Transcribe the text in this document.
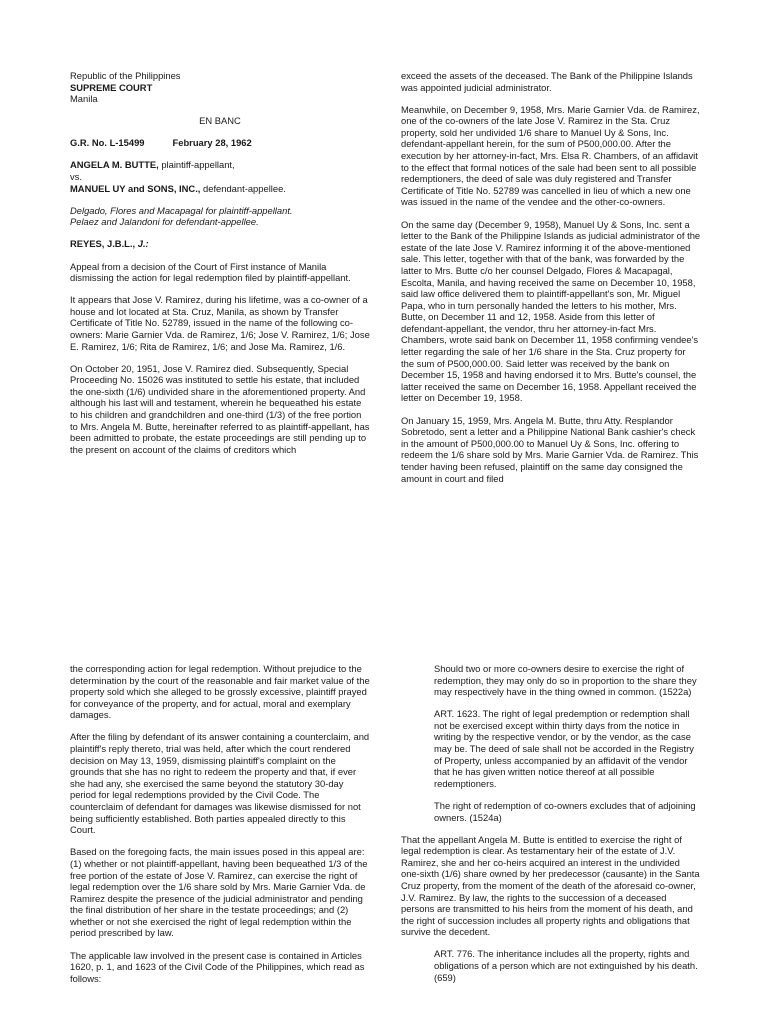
Republic of the Philippines
SUPREME COURT
Manila
EN BANC

G.R. No. L-15499	February 28, 1962

ANGELA M. BUTTE, plaintiff-appellant,
vs.

MANUEL UY and SONS, INC., defendant-appellee.

Delgado, Flores and Macapagal for plaintiff-appellant.
Pelaez and Jalandoni for defendant-appellee.

REYES, J.B.L., J.:

Appeal from a decision of the Court of First instance of Manila dismissing the action for legal redemption filed by plaintiff-appellant.

It appears that Jose V. Ramirez, during his lifetime, was a co-owner of a house and lot located at Sta. Cruz, Manila, as shown by Transfer Certificate of Title No. 52789, issued in the name of the following co-owners: Marie Garnier Vda. de Ramirez, 1/6; Jose V. Ramirez, 1/6; Jose E. Ramirez, 1/6; Rita de Ramirez, 1/6; and Jose Ma. Ramirez, 1/6.

On October 20, 1951, Jose V. Ramirez died. Subsequently, Special Proceeding No. 15026 was instituted to settle his estate, that included the one-sixth (1/6) undivided share in the aforementioned property. And although his last will and testament, wherein he bequeathed his estate to his children and grandchildren and one-third (1/3) of the free portion to Mrs. Angela M. Butte, hereinafter referred to as plaintiff-appellant, has been admitted to probate, the estate proceedings are still pending up to the present on account of the claims of creditors which

exceed the assets of the deceased. The Bank of the Philippine Islands was appointed judicial administrator.

Meanwhile, on December 9, 1958, Mrs. Marie Garnier Vda. de Ramirez, one of the co-owners of the late Jose V. Ramirez in the Sta. Cruz property, sold her undivided 1/6 share to Manuel Uy & Sons, Inc. defendant-appellant herein, for the sum of P500,000.00. After the execution by her attorney-in-fact, Mrs. Elsa R. Chambers, of an affidavit to the effect that formal notices of the sale had been sent to all possible redemptioners, the deed of sale was duly registered and Transfer Certificate of Title No. 52789 was cancelled in lieu of which a new one was issued in the name of the vendee and the other-co-owners.

On the same day (December 9, 1958), Manuel Uy & Sons, Inc. sent a letter to the Bank of the Philippine Islands as judicial administrator of the estate of the late Jose V. Ramirez informing it of the above-mentioned sale. This letter, together with that of the bank, was forwarded by the latter to Mrs. Butte c/o her counsel Delgado, Flores & Macapagal, Escolta, Manila, and having received the same on December 10, 1958, said law office delivered them to plaintiff-appellant's son, Mr. Miguel Papa, who in turn personally handed the letters to his mother, Mrs. Butte, on December 11 and 12, 1958. Aside from this letter of defendant-appellant, the vendor, thru her attorney-in-fact Mrs. Chambers, wrote said bank on December 11, 1958 confirming vendee's letter regarding the sale of her 1/6 share in the Sta. Cruz property for the sum of P500,000.00. Said letter was received by the bank on December 15, 1958 and having endorsed it to Mrs. Butte's counsel, the latter received the same on December 16, 1958. Appellant received the letter on December 19, 1958.

On January 15, 1959, Mrs. Angela M. Butte, thru Atty. Resplandor Sobretodo, sent a letter and a Philippine National Bank cashier's check in the amount of P500,000.00 to Manuel Uy & Sons, Inc. offering to redeem the 1/6 share sold by Mrs. Marie Garnier Vda. de Ramirez. This tender having been refused, plaintiff on the same day consigned the amount in court and filed

the corresponding action for legal redemption. Without prejudice to the determination by the court of the reasonable and fair market value of the property sold which she alleged to be grossly excessive, plaintiff prayed for conveyance of the property, and for actual, moral and exemplary damages.

After the filing by defendant of its answer containing a counterclaim, and plaintiff's reply thereto, trial was held, after which the court rendered decision on May 13, 1959, dismissing plaintiff's complaint on the grounds that she has no right to redeem the property and that, if ever she had any, she exercised the same beyond the statutory 30-day period for legal redemptions provided by the Civil Code. The counterclaim of defendant for damages was likewise dismissed for not being sufficiently established. Both parties appealed directly to this Court.

Based on the foregoing facts, the main issues posed in this appeal are: (1) whether or not plaintiff-appellant, having been bequeathed 1/3 of the free portion of the estate of Jose V. Ramirez, can exercise the right of legal redemption over the 1/6 share sold by Mrs. Marie Garnier Vda. de Ramirez despite the presence of the judicial administrator and pending the final distribution of her share in the testate proceedings; and (2) whether or not she exercised the right of legal redemption within the period prescribed by law.

The applicable law involved in the present case is contained in Articles 1620, p. 1, and 1623 of the Civil Code of the Philippines, which read as follows:

Should two or more co-owners desire to exercise the right of redemption, they may only do so in proportion to the share they may respectively have in the thing owned in common. (1522a)

ART. 1623. The right of legal predemption or redemption shall not be exercised except within thirty days from the notice in writing by the respective vendor, or by the vendor, as the case may be. The deed of sale shall not be accorded in the Registry of Property, unless accompanied by an affidavit of the vendor that he has given written notice thereof at all possible redemptioners.

The right of redemption of co-owners excludes that of adjoining owners. (1524a)

That the appellant Angela M. Butte is entitled to exercise the right of legal redemption is clear. As testamentary heir of the estate of J.V. Ramirez, she and her co-heirs acquired an interest in the undivided one-sixth (1/6) share owned by her predecessor (causante) in the Santa Cruz property, from the moment of the death of the aforesaid co-owner, J.V. Ramirez. By law, the rights to the succession of a deceased persons are transmitted to his heirs from the moment of his death, and the right of succession includes all property rights and obligations that survive the decedent.

ART. 776. The inheritance includes all the property, rights and obligations of a person which are not extinguished by his death. (659)
